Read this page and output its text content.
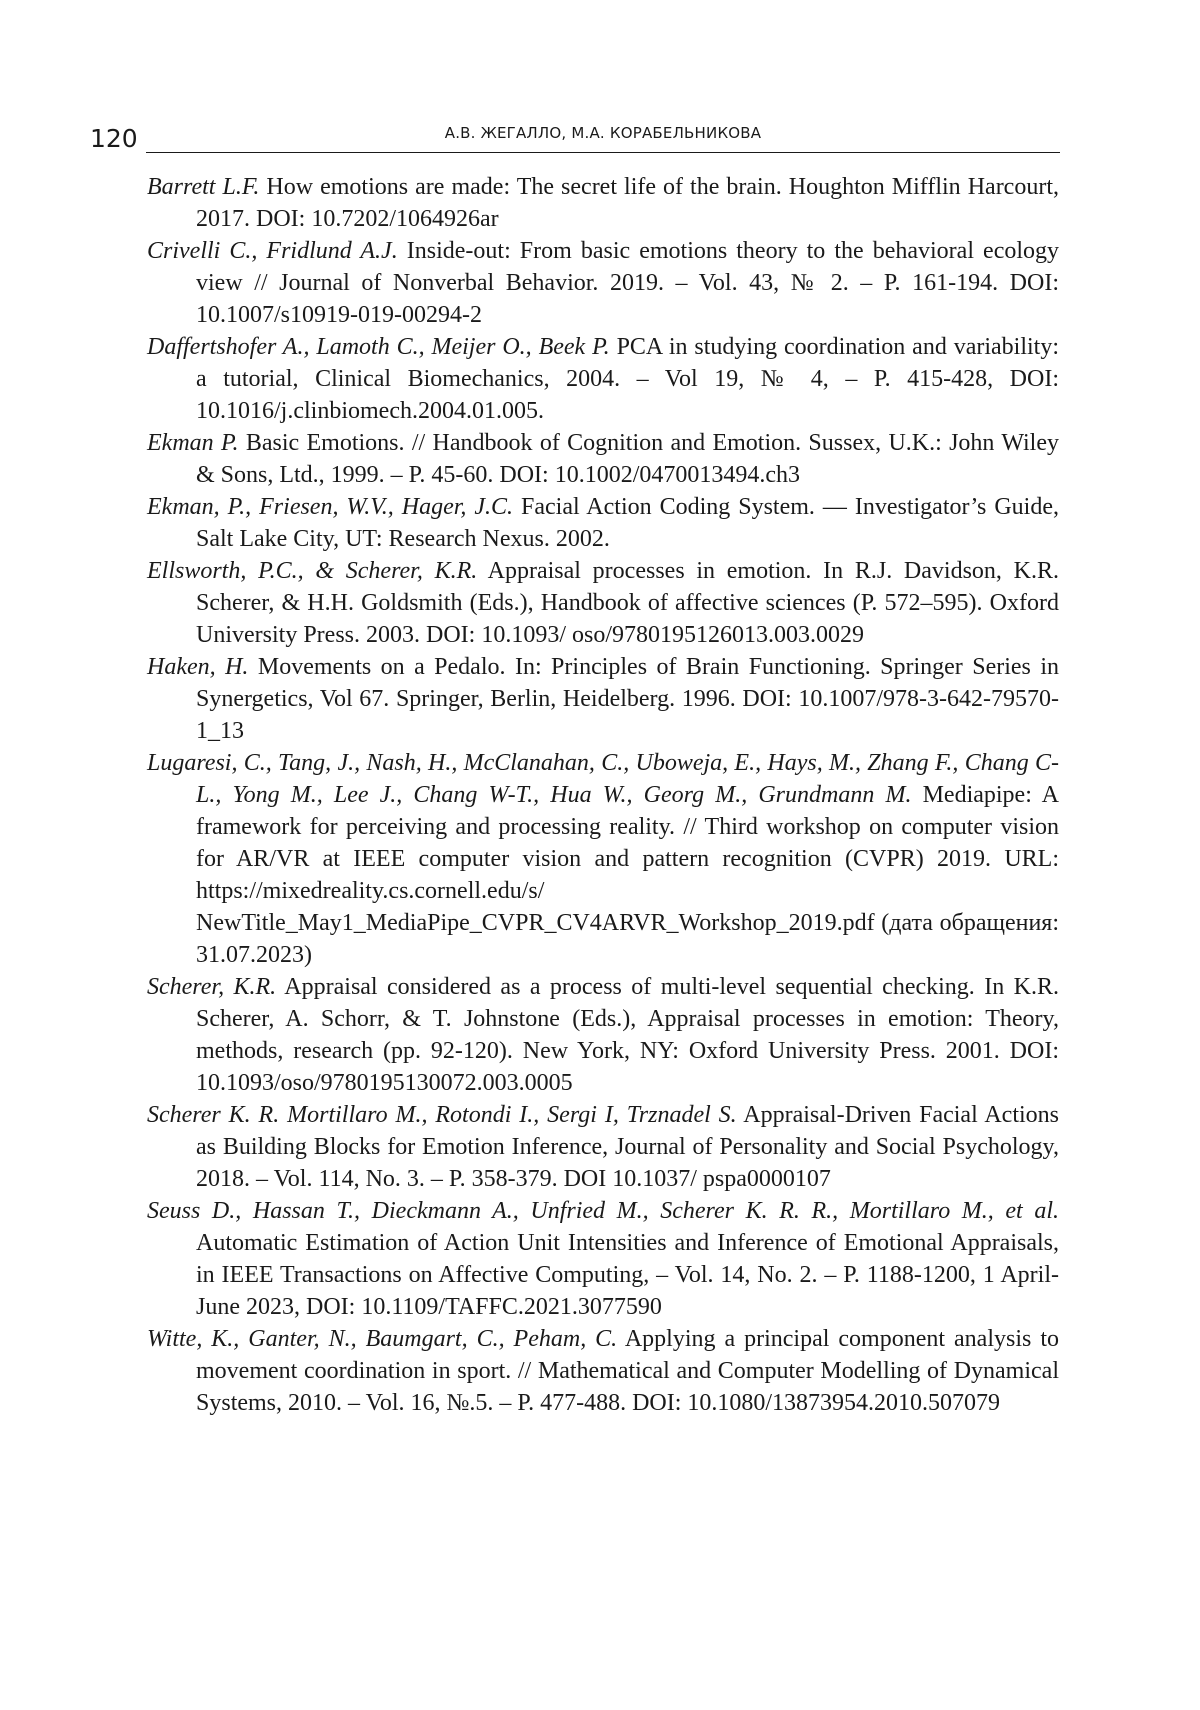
120	А.В. ЖЕГАЛЛО, М.А. КОРАБЕЛЬНИКОВА

Barrett L.F. How emotions are made: The secret life of the brain. Houghton Mifflin Harcourt, 2017. DOI: 10.7202/1064926ar

Crivelli C., Fridlund A.J. Inside-out: From basic emotions theory to the behavioral ecology view // Journal of Nonverbal Behavior. 2019. – Vol. 43, № 2. – P. 161-194. DOI: 10.1007/s10919-019-00294-2

Daffertshofer A., Lamoth C., Meijer O., Beek P. PCA in studying coordination and variability: a tutorial, Clinical Biomechanics, 2004. – Vol 19, № 4, – P. 415-428, DOI: 10.1016/j.clinbiomech.2004.01.005.

Ekman P. Basic Emotions. // Handbook of Cognition and Emotion. Sussex, U.K.: John Wiley & Sons, Ltd., 1999. – P. 45-60. DOI: 10.1002/0470013494.ch3

Ekman, P., Friesen, W.V., Hager, J.C. Facial Action Coding System. — Investigator’s Guide, Salt Lake City, UT: Research Nexus. 2002.

Ellsworth, P.C., & Scherer, K.R. Appraisal processes in emotion. In R.J. Davidson, K.R. Scherer, & H.H. Goldsmith (Eds.), Handbook of affective sciences (P. 572–595). Oxford University Press. 2003. DOI: 10.1093/ oso/9780195126013.003.0029

Haken, H. Movements on a Pedalo. In: Principles of Brain Functioning. Springer Series in Synergetics, Vol 67. Springer, Berlin, Heidelberg. 1996. DOI: 10.1007/978-3-642-79570-1_13

Lugaresi, C., Tang, J., Nash, H., McClanahan, C., Uboweja, E., Hays, M., Zhang F., Chang C-L., Yong M., Lee J., Chang W-T., Hua W., Georg M., Grundmann M. Mediapipe: A framework for perceiving and processing reality. // Third workshop on computer vision for AR/VR at IEEE computer vision and pattern recognition (CVPR) 2019. URL: https://mixedreality.cs.cornell.edu/s/ NewTitle_May1_MediaPipe_CVPR_CV4ARVR_Workshop_2019.pdf (дата обращения: 31.07.2023)

Scherer, K.R. Appraisal considered as a process of multi-level sequential checking. In K.R. Scherer, A. Schorr, & T. Johnstone (Eds.), Appraisal processes in emotion: Theory, methods, research (pp. 92-120). New York, NY: Oxford University Press. 2001. DOI: 10.1093/oso/9780195130072.003.0005

Scherer K. R. Mortillaro M., Rotondi I., Sergi I, Trznadel S. Appraisal-Driven Facial Actions as Building Blocks for Emotion Inference, Journal of Personality and Social Psychology, 2018. – Vol. 114, No. 3. – P. 358-379. DOI 10.1037/ pspa0000107

Seuss D., Hassan T., Dieckmann A., Unfried M., Scherer K. R. R., Mortillaro M., et al. Automatic Estimation of Action Unit Intensities and Inference of Emotional Appraisals, in IEEE Transactions on Affective Computing, – Vol. 14, No. 2. – P. 1188-1200, 1 April-June 2023, DOI: 10.1109/TAFFC.2021.3077590

Witte, K., Ganter, N., Baumgart, C., Peham, C. Applying a principal component analysis to movement coordination in sport. // Mathematical and Computer Modelling of Dynamical Systems, 2010. – Vol. 16, №.5. – P. 477-488. DOI: 10.1080/13873954.2010.507079
